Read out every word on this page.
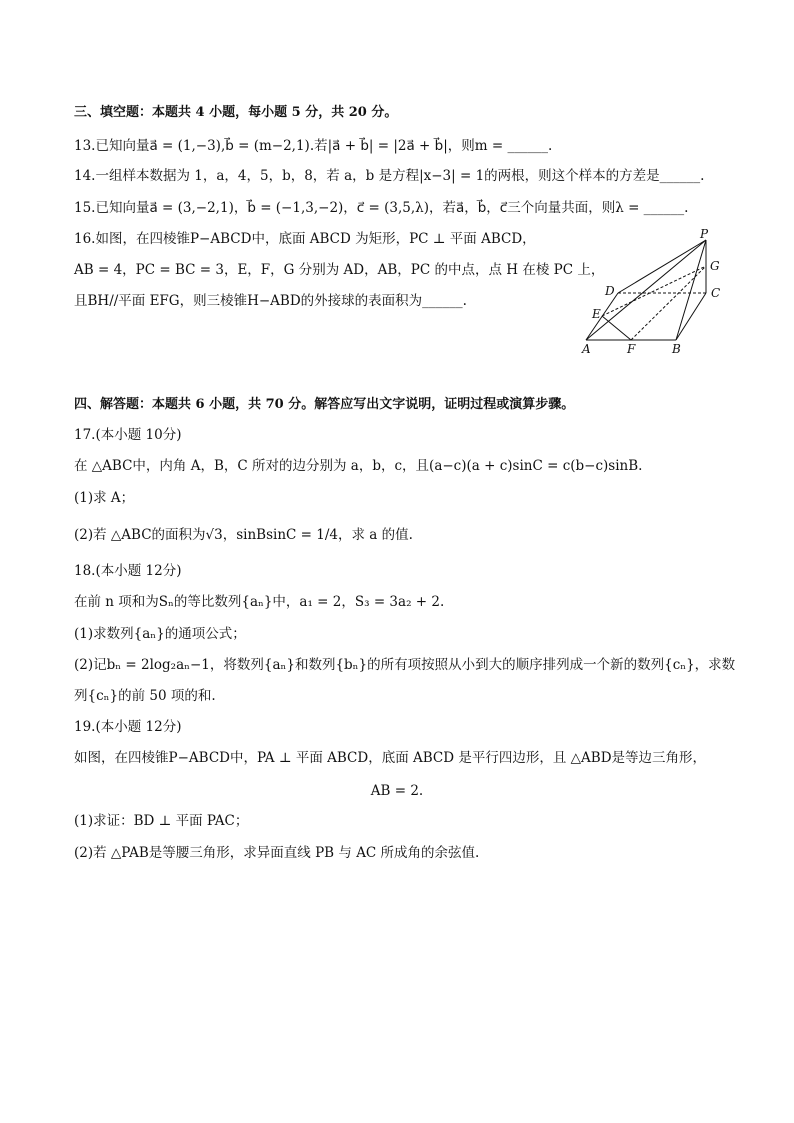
三、填空题：本题共 4 小题，每小题 5 分，共 20 分。
13.已知向量a⃗ = (1,−3),b⃗ = (m−2,1).若|a⃗ + b⃗| = |2a⃗ + b⃗|，则m = ______.
14.一组样本数据为 1，a，4，5，b，8，若 a，b 是方程|x−3| = 1的两根，则这个样本的方差是______.
15.已知向量a⃗ = (3,−2,1)，b⃗ = (−1,3,−2)，c⃗ = (3,5,λ)，若a⃗，b⃗，c⃗三个向量共面，则λ = ______.
16.如图，在四棱锥P−ABCD中，底面 ABCD 为矩形，PC ⊥ 平面 ABCD，
AB = 4，PC = BC = 3，E，F，G 分别为 AD，AB，PC 的中点，点 H 在棱 PC 上，
且BH//平面 EFG，则三棱锥H−ABD的外接球的表面积为______.
P
G
D	C
E
A	F	B
四、解答题：本题共 6 小题，共 70 分。解答应写出文字说明，证明过程或演算步骤。
17.(本小题 10分)
在 △ABC中，内角 A，B，C 所对的边分别为 a，b，c，且(a−c)(a + c)sinC = c(b−c)sinB.
(1)求 A；
(2)若 △ABC的面积为√3，sinBsinC = 1/4，求 a 的值.
18.(本小题 12分)
在前 n 项和为Sₙ的等比数列{aₙ}中，a₁ = 2，S₃ = 3a₂ + 2.
(1)求数列{aₙ}的通项公式；
(2)记bₙ = 2log₂aₙ−1，将数列{aₙ}和数列{bₙ}的所有项按照从小到大的顺序排列成一个新的数列{cₙ}，求数
列{cₙ}的前 50 项的和.
19.(本小题 12分)
如图，在四棱锥P−ABCD中，PA ⊥ 平面 ABCD，底面 ABCD 是平行四边形，且 △ABD是等边三角形，
AB = 2.
(1)求证：BD ⊥ 平面 PAC；
(2)若 △PAB是等腰三角形，求异面直线 PB 与 AC 所成角的余弦值.
